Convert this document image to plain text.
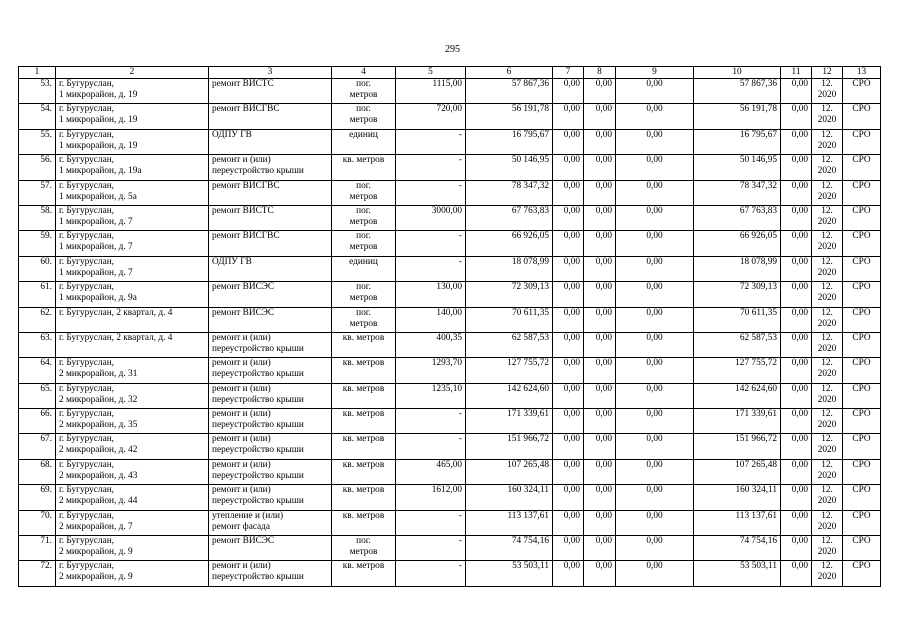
295
1	2	3	4	5	6	7	8	9	10	11	12	13

53.	г. Бугуруслан,
1 микрорайон, д. 19	ремонт ВИСТС	пог.
метров	1115,00	57 867,36	0,00	0,00	0,00	57 867,36	0,00	12.
2020	СРО

54.	г. Бугуруслан,
1 микрорайон, д. 19	ремонт ВИСГВС	пог.
метров	720,00	56 191,78	0,00	0,00	0,00	56 191,78	0,00	12.
2020	СРО

55.	г. Бугуруслан,
1 микрорайон, д. 19	ОДПУ ГВ	единиц	-	16 795,67	0,00	0,00	0,00	16 795,67	0,00	12.
2020	СРО

56.	г. Бугуруслан,
1 микрорайон, д. 19а	ремонт и (или)
переустройство крыши	кв. метров	-	50 146,95	0,00	0,00	0,00	50 146,95	0,00	12.
2020	СРО

57.	г. Бугуруслан,
1 микрорайон, д. 5а	ремонт ВИСГВС	пог.
метров	-	78 347,32	0,00	0,00	0,00	78 347,32	0,00	12.
2020	СРО

58.	г. Бугуруслан,
1 микрорайон, д. 7	ремонт ВИСТС	пог.
метров	3000,00	67 763,83	0,00	0,00	0,00	67 763,83	0,00	12.
2020	СРО

59.	г. Бугуруслан,
1 микрорайон, д. 7	ремонт ВИСГВС	пог.
метров	-	66 926,05	0,00	0,00	0,00	66 926,05	0,00	12.
2020	СРО

60.	г. Бугуруслан,
1 микрорайон, д. 7	ОДПУ ГВ	единиц	-	18 078,99	0,00	0,00	0,00	18 078,99	0,00	12.
2020	СРО

61.	г. Бугуруслан,
1 микрорайон, д. 9а	ремонт ВИСЭС	пог.
метров	130,00	72 309,13	0,00	0,00	0,00	72 309,13	0,00	12.
2020	СРО

62.	г. Бугуруслан, 2 квартал, д. 4	ремонт ВИСЭС	пог.
метров	140,00	70 611,35	0,00	0,00	0,00	70 611,35	0,00	12.
2020	СРО

63.	г. Бугуруслан, 2 квартал, д. 4	ремонт и (или)
переустройство крыши	кв. метров	400,35	62 587,53	0,00	0,00	0,00	62 587,53	0,00	12.
2020	СРО

64.	г. Бугуруслан,
2 микрорайон, д. 31	ремонт и (или)
переустройство крыши	кв. метров	1293,70	127 755,72	0,00	0,00	0,00	127 755,72	0,00	12.
2020	СРО

65.	г. Бугуруслан,
2 микрорайон, д. 32	ремонт и (или)
переустройство крыши	кв. метров	1235,10	142 624,60	0,00	0,00	0,00	142 624,60	0,00	12.
2020	СРО

66.	г. Бугуруслан,
2 микрорайон, д. 35	ремонт и (или)
переустройство крыши	кв. метров	-	171 339,61	0,00	0,00	0,00	171 339,61	0,00	12.
2020	СРО

67.	г. Бугуруслан,
2 микрорайон, д. 42	ремонт и (или)
переустройство крыши	кв. метров	-	151 966,72	0,00	0,00	0,00	151 966,72	0,00	12.
2020	СРО

68.	г. Бугуруслан,
2 микрорайон, д. 43	ремонт и (или)
переустройство крыши	кв. метров	465,00	107 265,48	0,00	0,00	0,00	107 265,48	0,00	12.
2020	СРО

69.	г. Бугуруслан,
2 микрорайон, д. 44	ремонт и (или)
переустройство крыши	кв. метров	1612,00	160 324,11	0,00	0,00	0,00	160 324,11	0,00	12.
2020	СРО

70.	г. Бугуруслан,
2 микрорайон, д. 7	утепление и (или)
ремонт фасада	кв. метров	-	113 137,61	0,00	0,00	0,00	113 137,61	0,00	12.
2020	СРО

71.	г. Бугуруслан,
2 микрорайон, д. 9	ремонт ВИСЭС	пог.
метров	-	74 754,16	0,00	0,00	0,00	74 754,16	0,00	12.
2020	СРО

72.	г. Бугуруслан,
2 микрорайон, д. 9	ремонт и (или)
переустройство крыши	кв. метров	-	53 503,11	0,00	0,00	0,00	53 503,11	0,00	12.
2020	СРО
